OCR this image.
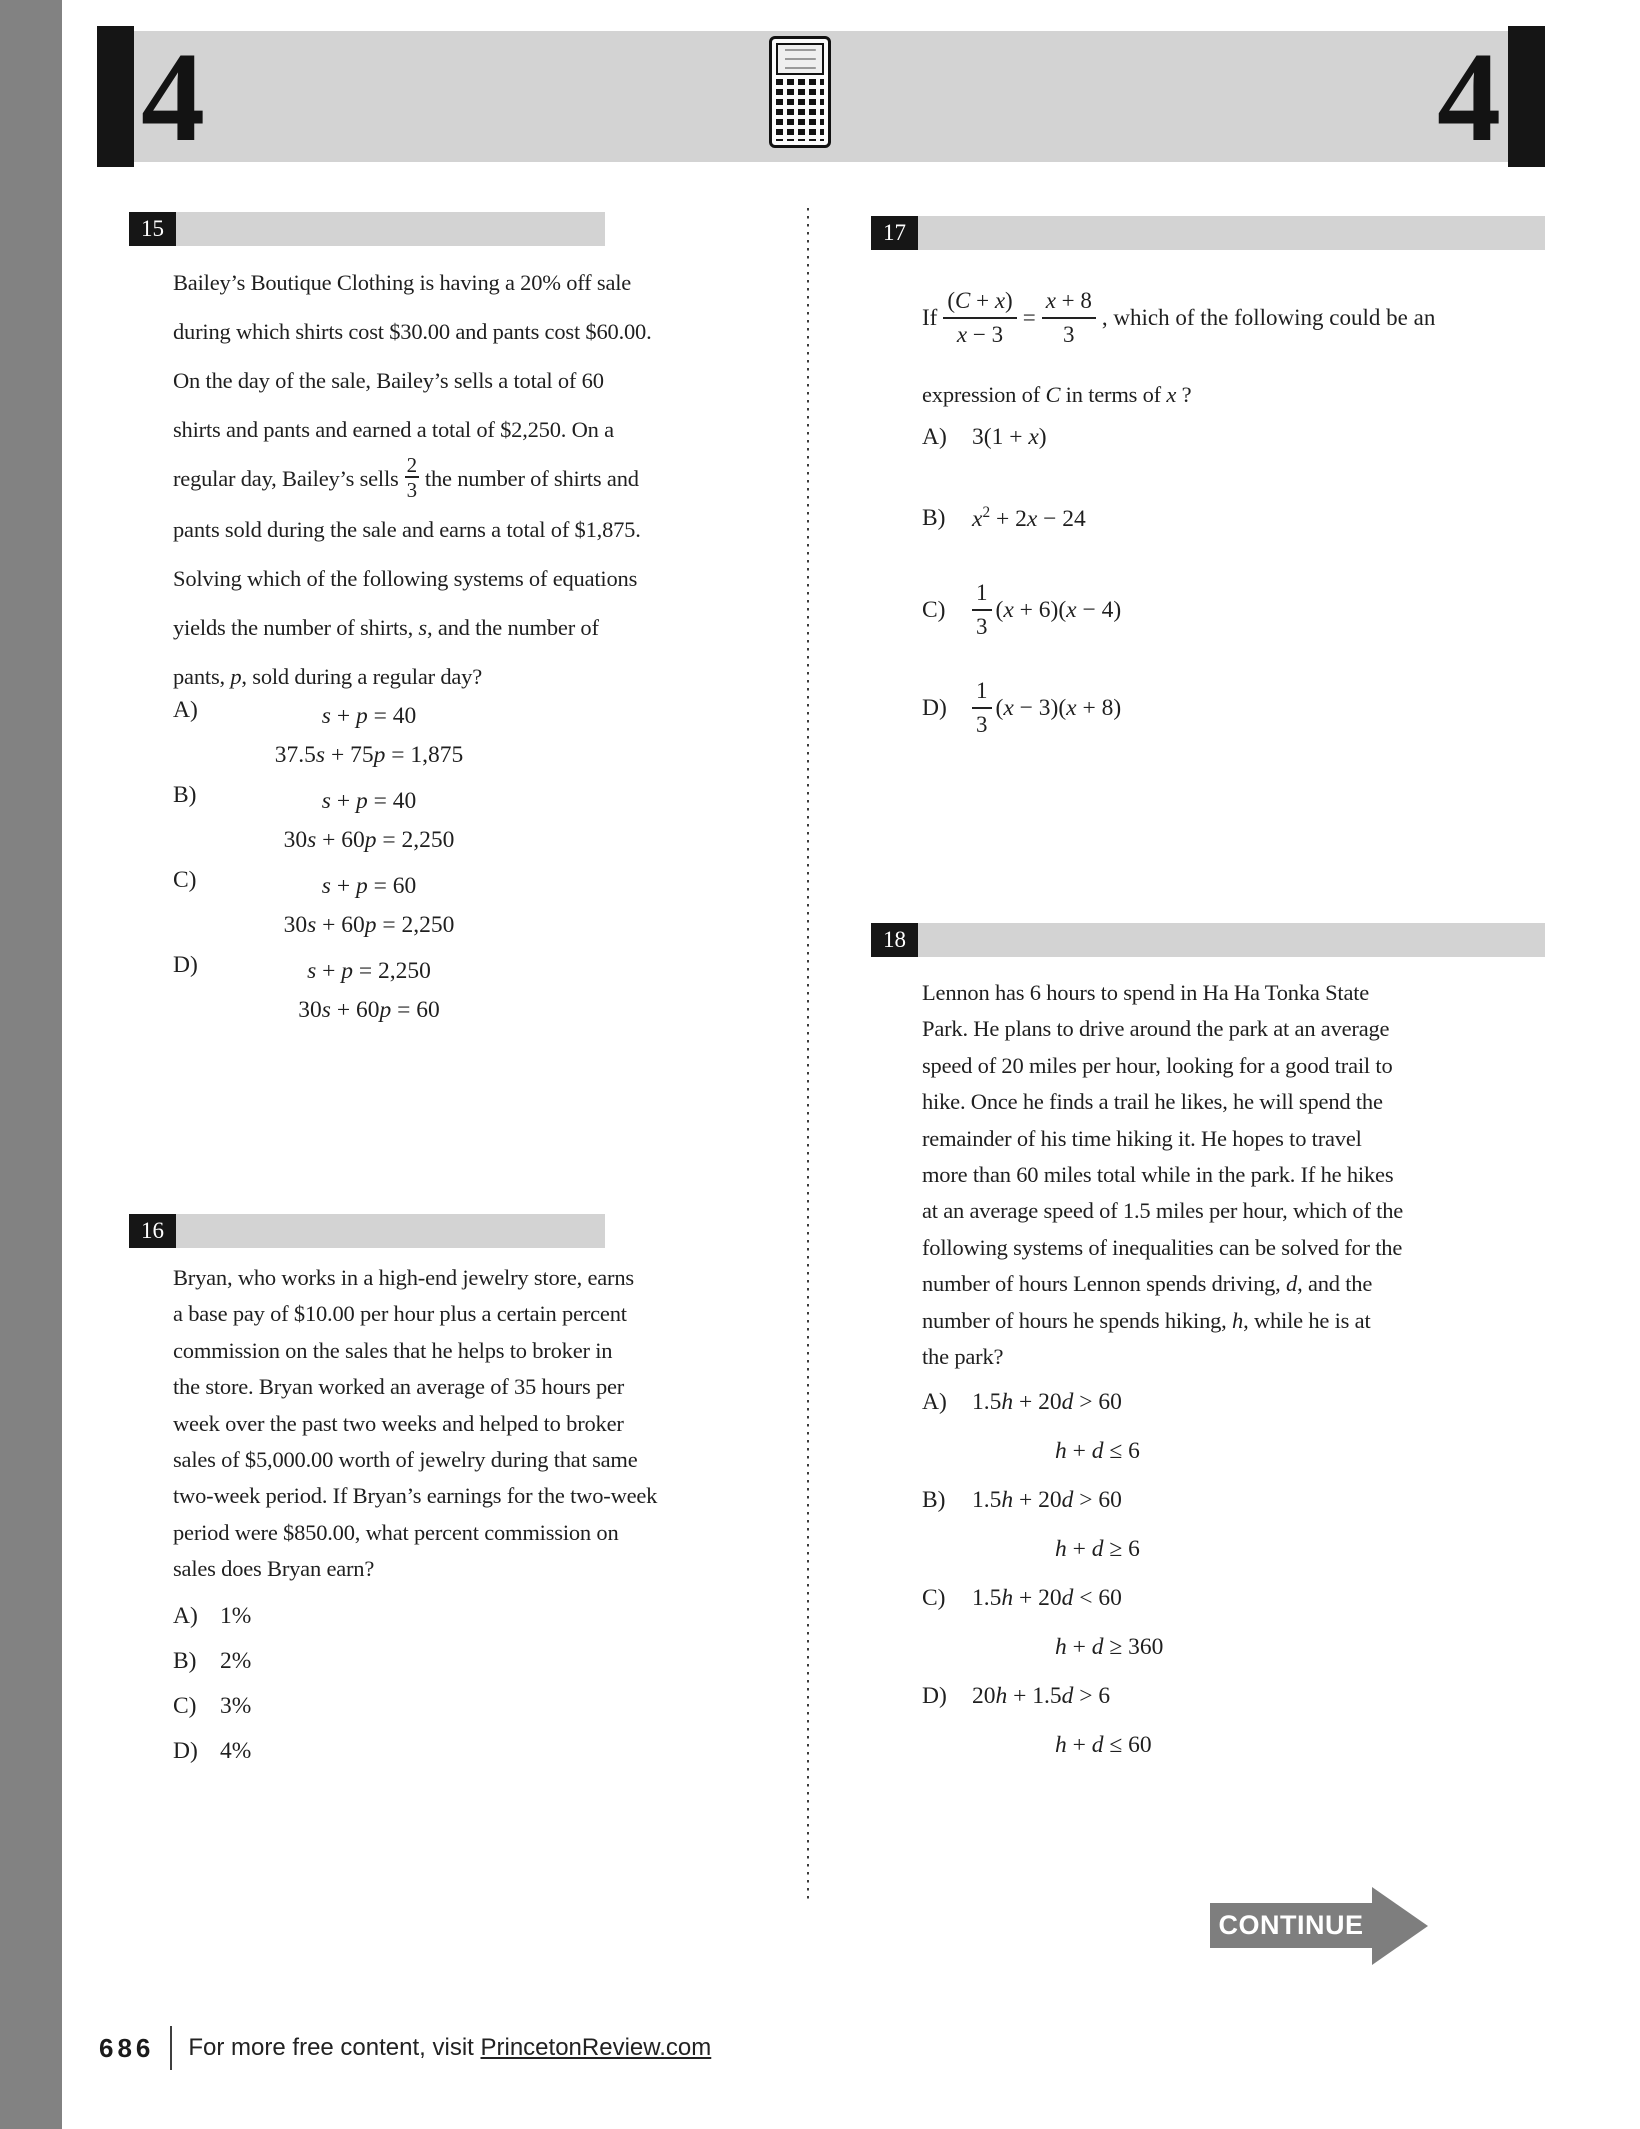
4	4
15
Bailey’s Boutique Clothing is having a 20% off sale
during which shirts cost $30.00 and pants cost $60.00.
On the day of the sale, Bailey’s sells a total of 60
shirts and pants and earned a total of $2,250. On a
regular day, Bailey’s sells $\frac{2}{3}$ the number of shirts and
pants sold during the sale and earns a total of $1,875.
Solving which of the following systems of equations
yields the number of shirts, s, and the number of
pants, p, sold during a regular day?
A)	s + p = 40
37.5s + 75p = 1,875
B)	s + p = 40
30s + 60p = 2,250
C)	s + p = 60
30s + 60p = 2,250
D)	s + p = 2,250
30s + 60p = 60
16
Bryan, who works in a high-end jewelry store, earns
a base pay of $10.00 per hour plus a certain percent
commission on the sales that he helps to broker in
the store. Bryan worked an average of 35 hours per
week over the past two weeks and helped to broker
sales of $5,000.00 worth of jewelry during that same
two-week period. If Bryan’s earnings for the two-week
period were $850.00, what percent commission on
sales does Bryan earn?
A) 1%
B)	2%
C)	3%
D) 4%
17
If $\frac{(C + x)}{x - 3} = \frac{x + 8}{3}$ , which of the following could be an
expression of C in terms of x ?
A)	3(1 + x)
B)	$x^2 + 2x - 24$
C)	$\frac{1}{3} (x + 6)(x - 4)$
D)	$\frac{1}{3} (x - 3)(x + 8)$
18
Lennon has 6 hours to spend in Ha Ha Tonka State
Park. He plans to drive around the park at an average
speed of 20 miles per hour, looking for a good trail to
hike. Once he finds a trail he likes, he will spend the
remainder of his time hiking it. He hopes to travel
more than 60 miles total while in the park. If he hikes
at an average speed of 1.5 miles per hour, which of the
following systems of inequalities can be solved for the
number of hours Lennon spends driving, d, and the
number of hours he spends hiking, h, while he is at
the park?
A)	1.5h + 20d > 60
h + d ≤ 6
B)	1.5h + 20d > 60
h + d ≥ 6
C)	1.5h + 20d < 60
h + d ≥ 360
D)	20h + 1.5d > 6
h + d ≤ 60
CONTINUE
686 For more free content, visit PrincetonReview.com
